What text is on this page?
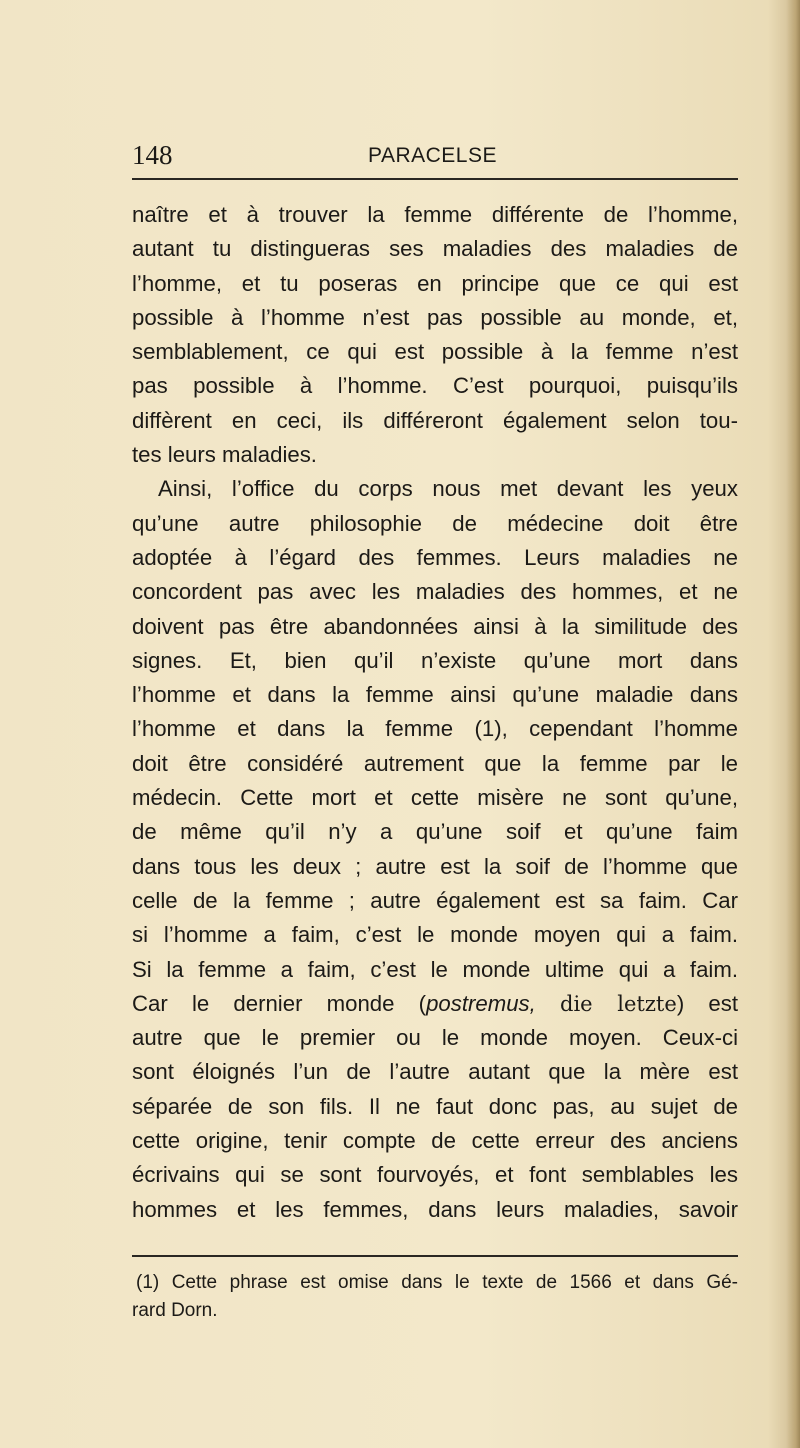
148	PARACELSE
naître et à trouver la femme différente de l’homme,
autant tu distingueras ses maladies des maladies de
l’homme, et tu poseras en principe que ce qui est
possible à l’homme n’est pas possible au monde, et,
semblablement, ce qui est possible à la femme n’est
pas possible à l’homme. C’est pourquoi, puisqu’ils
diffèrent en ceci, ils différeront également selon tou-
tes leurs maladies.
Ainsi, l’office du corps nous met devant les yeux
qu’une autre philosophie de médecine doit être
adoptée à l’égard des femmes. Leurs maladies ne
concordent pas avec les maladies des hommes, et ne
doivent pas être abandonnées ainsi à la similitude des
signes. Et, bien qu’il n’existe qu’une mort dans
l’homme et dans la femme ainsi qu’une maladie dans
l’homme et dans la femme (1), cependant l’homme
doit être considéré autrement que la femme par le
médecin. Cette mort et cette misère ne sont qu’une,
de même qu’il n’y a qu’une soif et qu’une faim
dans tous les deux ; autre est la soif de l’homme que
celle de la femme ; autre également est sa faim. Car
si l’homme a faim, c’est le monde moyen qui a faim.
Si la femme a faim, c’est le monde ultime qui a faim.
Car le dernier monde (postremus, die letzte) est
autre que le premier ou le monde moyen. Ceux-ci
sont éloignés l’un de l’autre autant que la mère est
séparée de son fils. Il ne faut donc pas, au sujet de
cette origine, tenir compte de cette erreur des anciens
écrivains qui se sont fourvoyés, et font semblables les
hommes et les femmes, dans leurs maladies, savoir
(1) Cette phrase est omise dans le texte de 1566 et dans Gé-
rard Dorn.
